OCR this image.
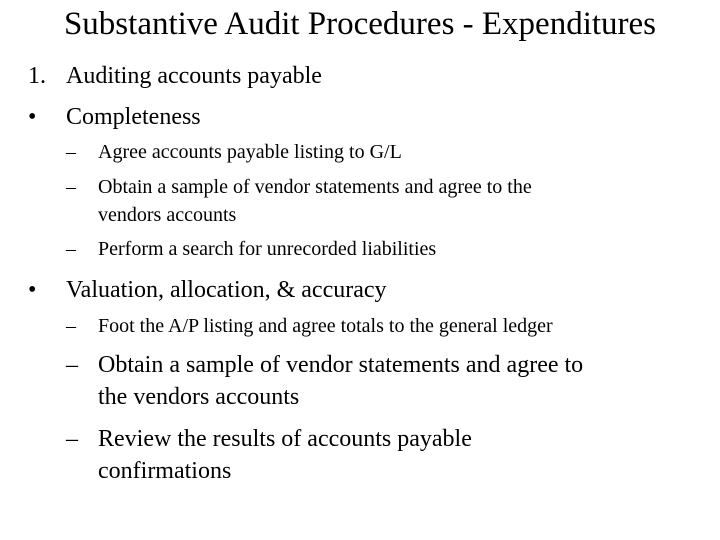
Substantive Audit Procedures - Expenditures
1. Auditing accounts payable
• Completeness
– Agree accounts payable listing to G/L
– Obtain a sample of vendor statements and agree to the
vendors accounts
– Perform a search for unrecorded liabilities
• Valuation, allocation, & accuracy
– Foot the A/P listing and agree totals to the general ledger
– Obtain a sample of vendor statements and agree to
the vendors accounts
– Review the results of accounts payable
confirmations
